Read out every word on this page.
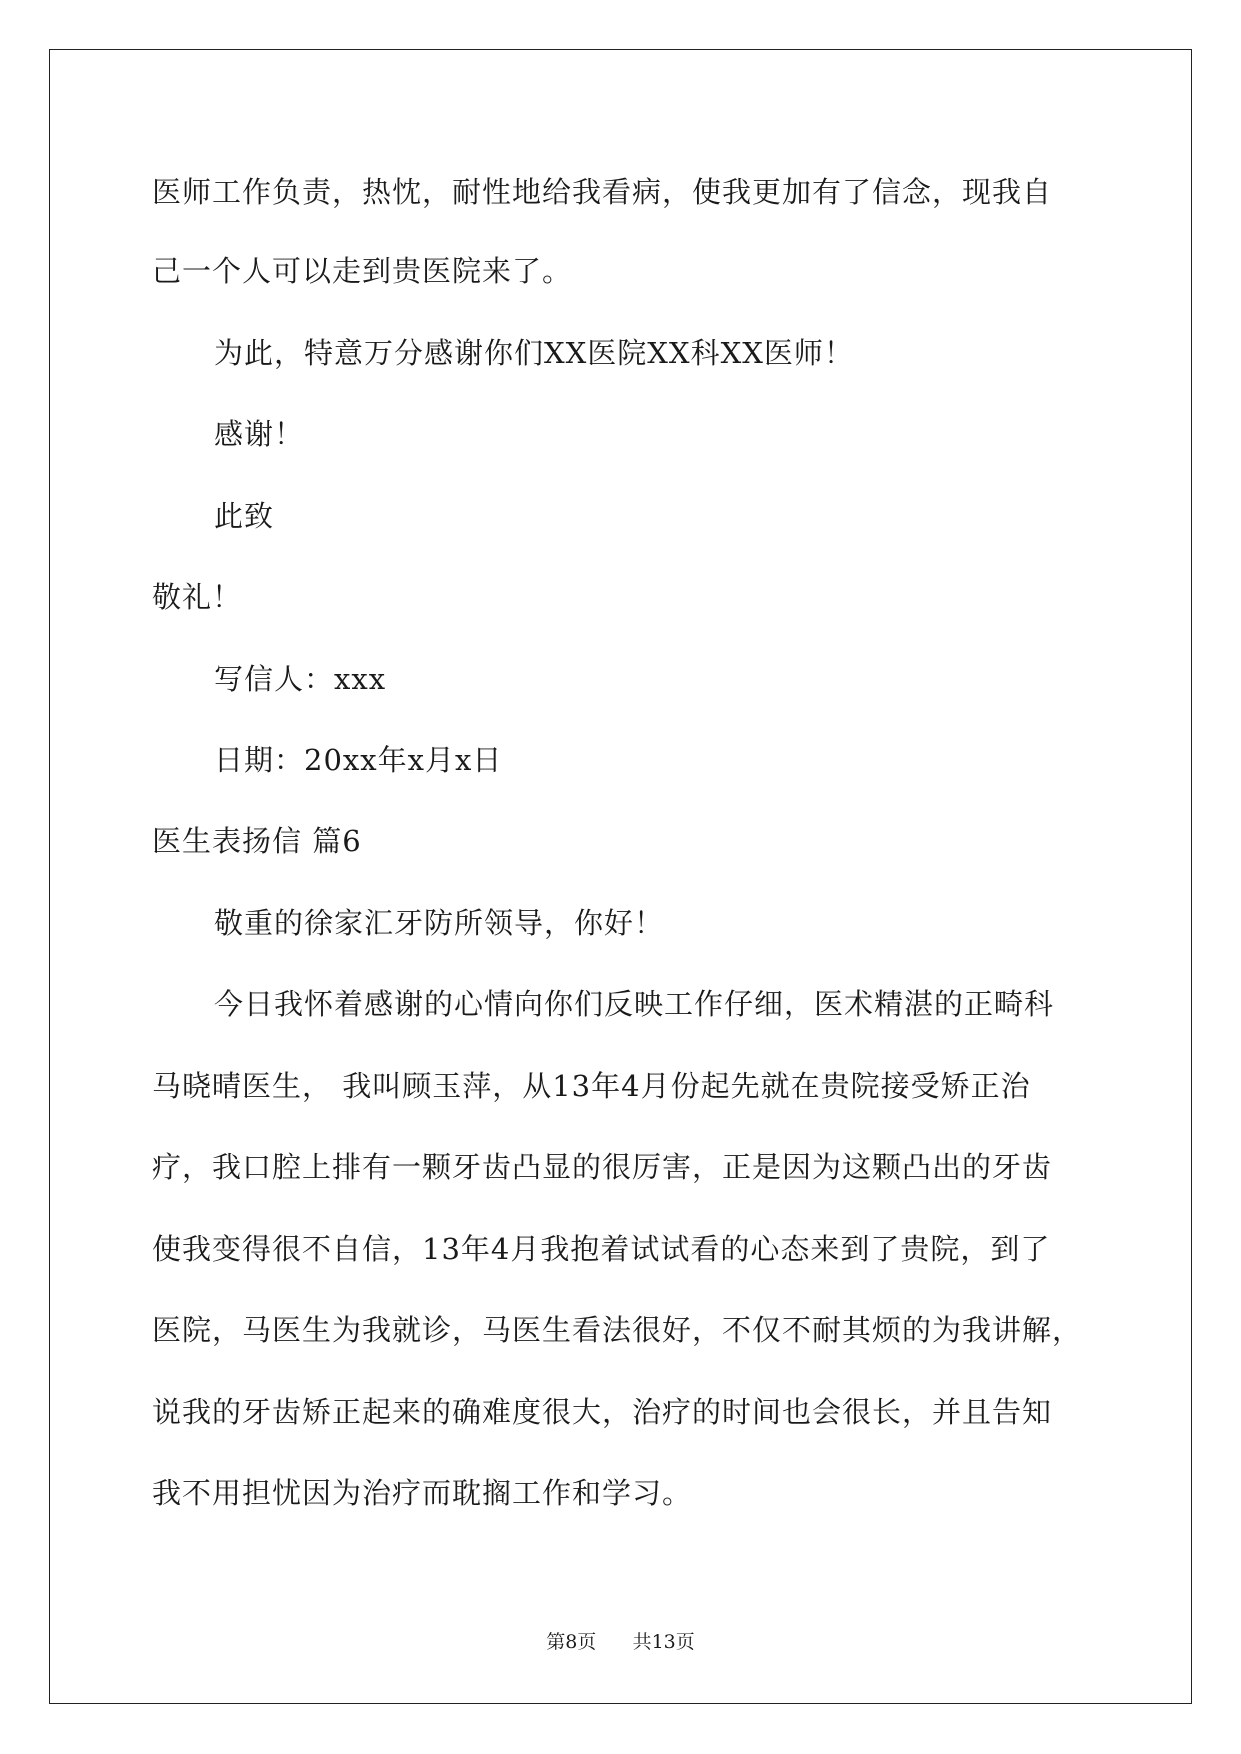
医师工作负责，热忱，耐性地给我看病，使我更加有了信念，现我自
己一个人可以走到贵医院来了。
为此，特意万分感谢你们XX医院XX科XX医师！
感谢！
此致
敬礼！
写信人：xxx
日期：20xx年x月x日
医生表扬信 篇6
敬重的徐家汇牙防所领导，你好！
今日我怀着感谢的心情向你们反映工作仔细，医术精湛的正畸科
马晓晴医生， 我叫顾玉萍，从13年4月份起先就在贵院接受矫正治
疗，我口腔上排有一颗牙齿凸显的很厉害，正是因为这颗凸出的牙齿
使我变得很不自信，13年4月我抱着试试看的心态来到了贵院，到了
医院，马医生为我就诊，马医生看法很好，不仅不耐其烦的为我讲解，
说我的牙齿矫正起来的确难度很大，治疗的时间也会很长，并且告知
我不用担忧因为治疗而耽搁工作和学习。
第8页 共13页
